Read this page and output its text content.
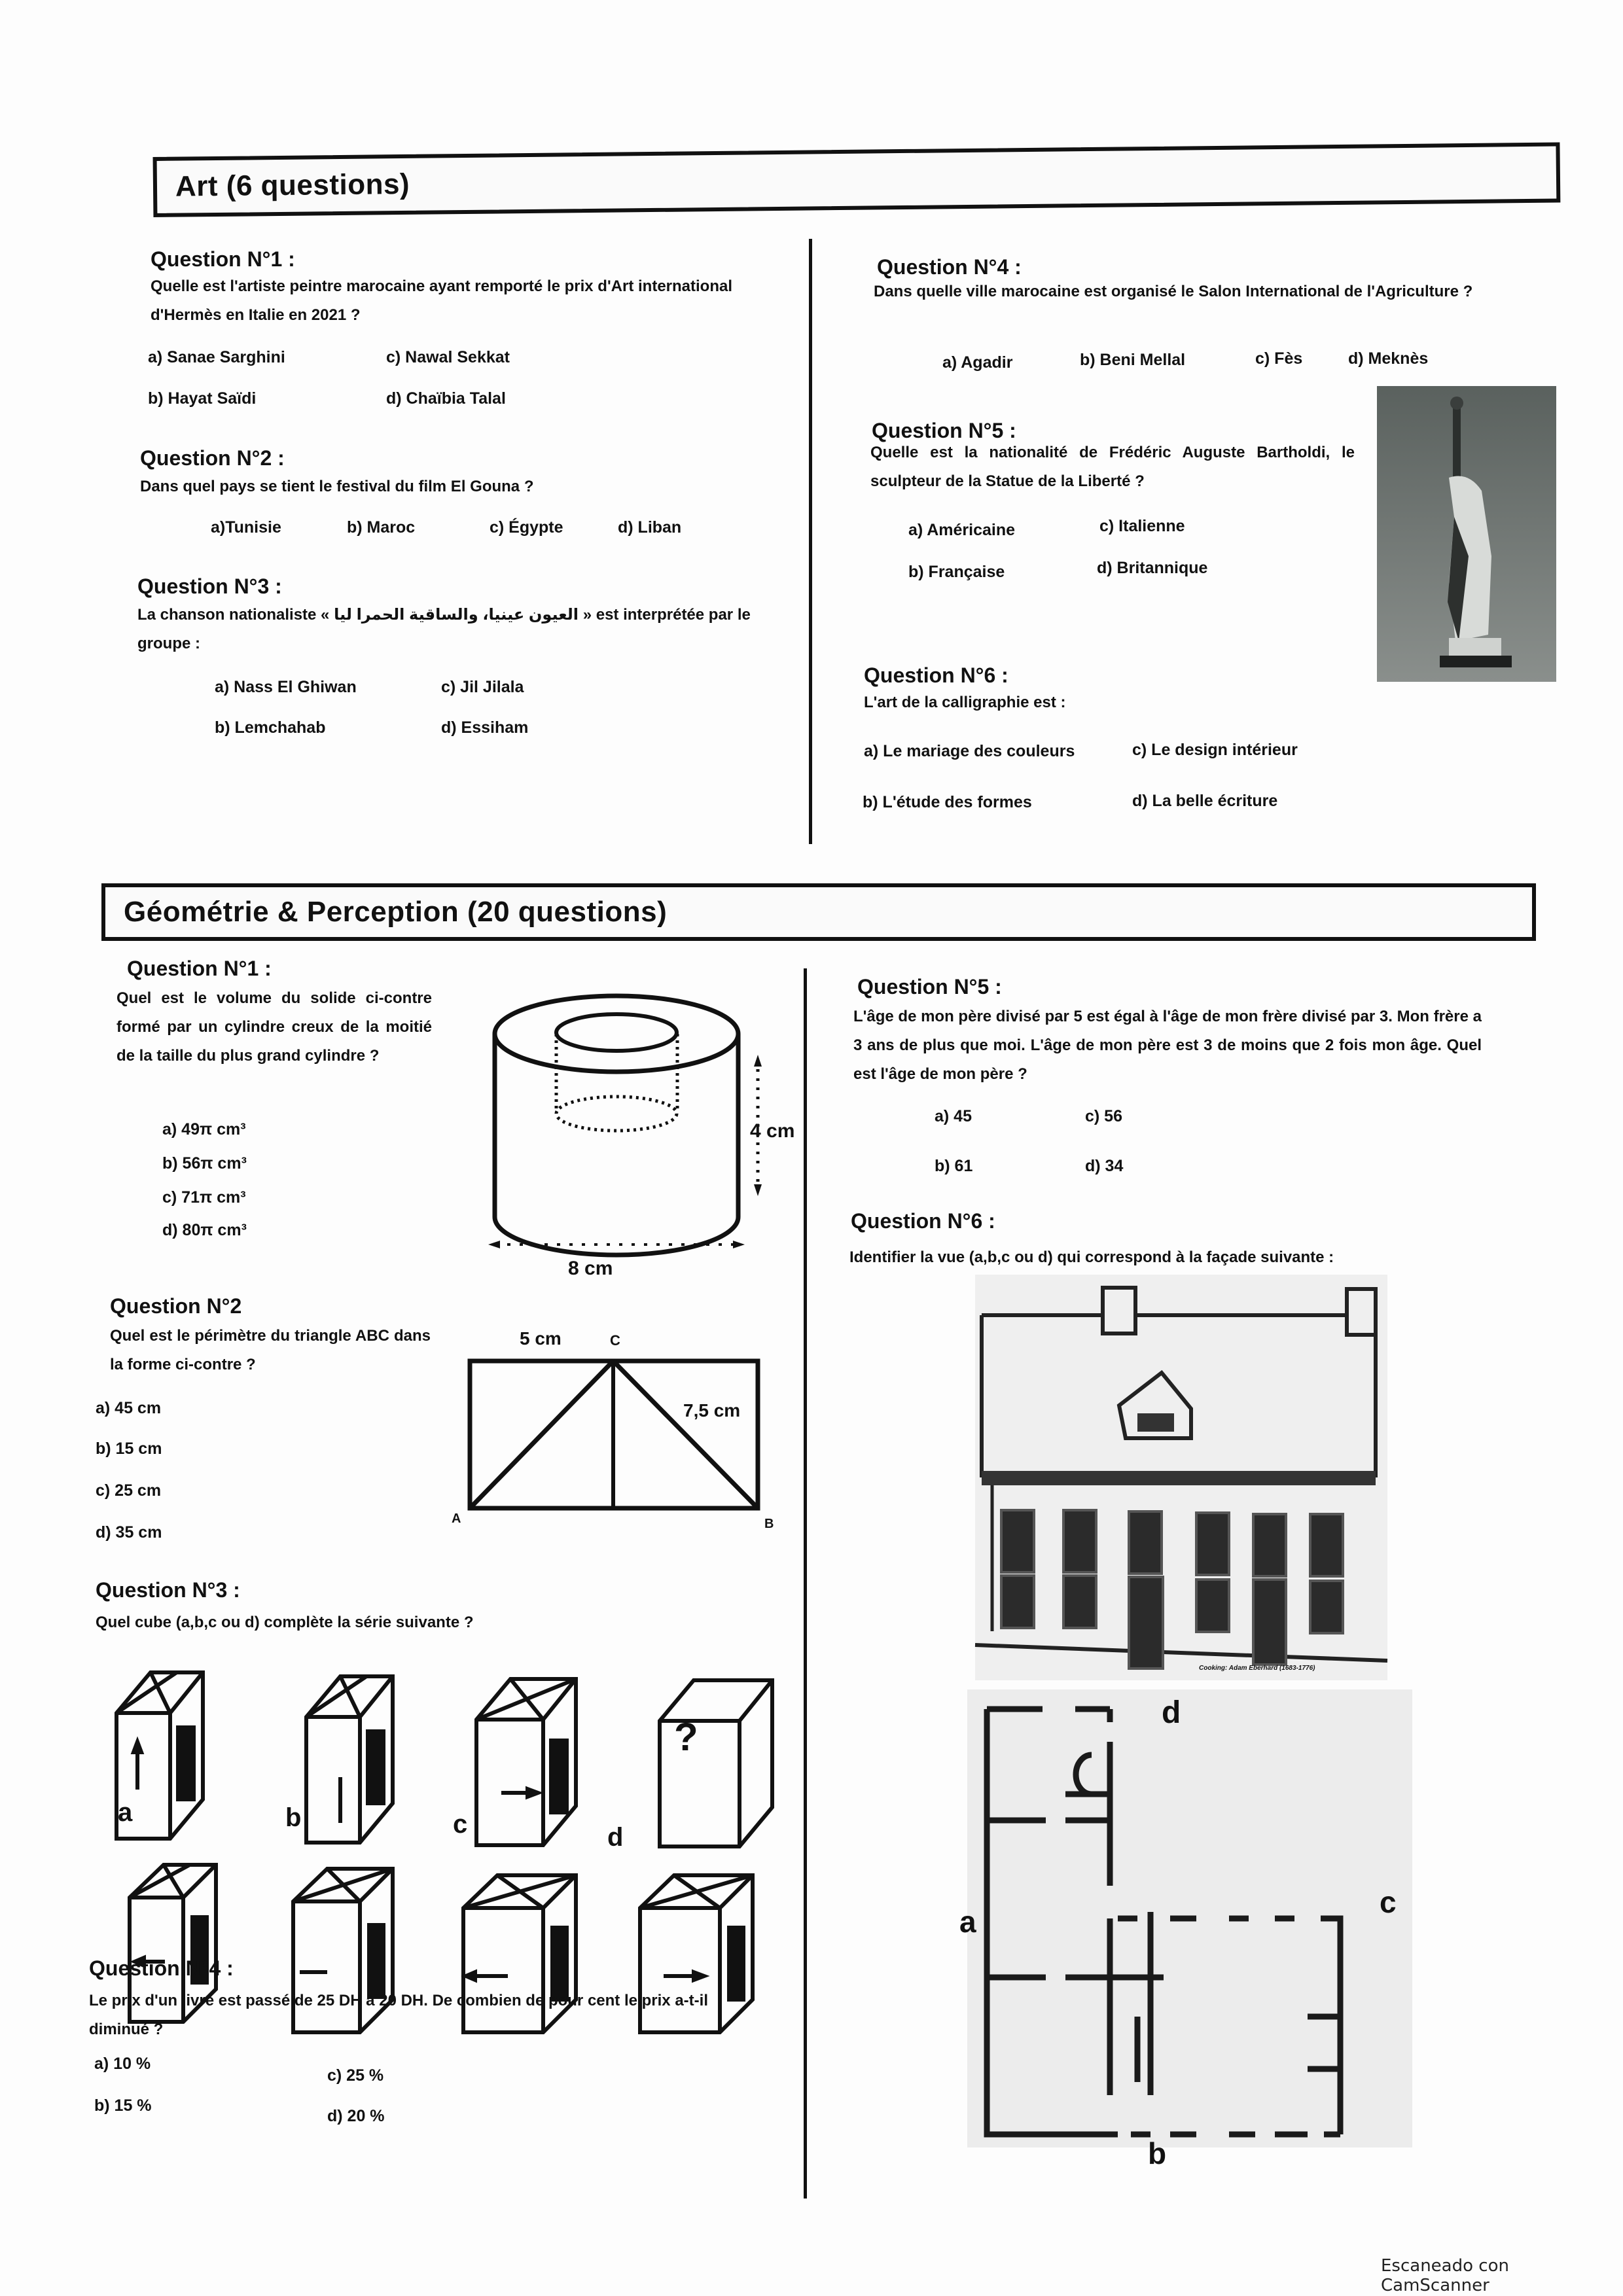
Art (6 questions)
Question N°1 :
Quelle est l'artiste peintre marocaine ayant remporté le prix d'Art international d'Hermès en Italie en 2021 ?
a) Sanae Sarghini	c) Nawal Sekkat
b) Hayat Saïdi	d) Chaïbia Talal
Question N°2 :
Dans quel pays se tient le festival du film El Gouna ?
a)Tunisie	b) Maroc	c) Égypte	d) Liban
Question N°3 :
La chanson nationaliste « العيون عينيا، والساقية الحمرا ليا » est interprétée par le groupe :
a) Nass El Ghiwan	c) Jil Jilala
b) Lemchahab	d) Essiham
Question N°4 :
Dans quelle ville marocaine est organisé le Salon International de l'Agriculture ?
a) Agadir	b) Beni Mellal	c) Fès	d) Meknès
Question N°5 :
Quelle est la nationalité de Frédéric Auguste Bartholdi, le sculpteur de la Statue de la Liberté ?
a) Américaine	c) Italienne
b) Française	d) Britannique
Question N°6 :
L'art de la calligraphie est :
a) Le mariage des couleurs	c) Le design intérieur
b) L'étude des formes	d) La belle écriture
Géométrie & Perception (20 questions)
Question N°1 :
Quel est le volume du solide ci-contre formé par un cylindre creux de la moitié de la taille du plus grand cylindre ?
a) 49π cm³
b) 56π cm³
c) 71π cm³
d) 80π cm³
4 cm
8 cm
Question N°2
Quel est le périmètre du triangle ABC dans la forme ci-contre ?
a) 45 cm
b) 15 cm
c) 25 cm
d) 35 cm
5 cm	C
7,5 cm
A	B
Question N°3 :
Quel cube (a,b,c ou d) complète la série suivante ?
?
a	b	c	d
Question N°4 :
Le prix d'un livre est passé de 25 DH à 20 DH. De combien de pour cent le prix a-t-il diminué ?
a) 10 %
c) 25 %
b) 15 %
d) 20 %
Question N°5 :
L'âge de mon père divisé par 5 est égal à l'âge de mon frère divisé par 3. Mon frère a 3 ans de plus que moi. L'âge de mon père est 3 de moins que 2 fois mon âge. Quel est l'âge de mon père ?
a) 45	c) 56
b) 61	d) 34
Question N°6 :
Identifier la vue (a,b,c ou d) qui correspond à la façade suivante :
Cooking: Adam Eberhard (1683-1776)
d
a
c
b
Escaneado con CamScanner
